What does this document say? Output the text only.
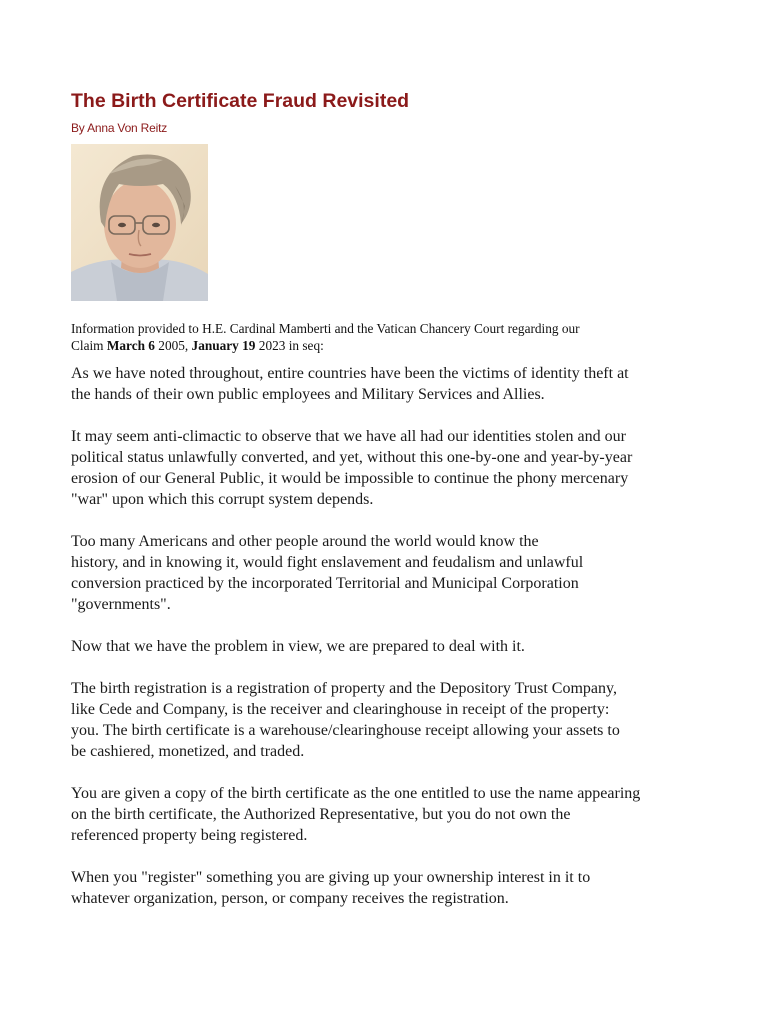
The Birth Certificate Fraud Revisited
By Anna Von Reitz
Information provided to H.E. Cardinal Mamberti and the Vatican Chancery Court regarding our
Claim March 6 2005, January 19 2023 in seq:

As we have noted throughout, entire countries have been the victims of identity theft at
the hands of their own public employees and Military Services and Allies.

It may seem anti-climactic to observe that we have all had our identities stolen and our
political status unlawfully converted, and yet, without this one-by-one and year-by-year
erosion of our General Public, it would be impossible to continue the phony mercenary
"war" upon which this corrupt system depends.

Too many Americans and other people around the world would know the
history, and in knowing it, would fight enslavement and feudalism and unlawful
conversion practiced by the incorporated Territorial and Municipal Corporation
"governments".

Now that we have the problem in view, we are prepared to deal with it.

The birth registration is a registration of property and the Depository Trust Company,
like Cede and Company, is the receiver and clearinghouse in receipt of the property:
you. The birth certificate is a warehouse/clearinghouse receipt allowing your assets to
be cashiered, monetized, and traded.

You are given a copy of the birth certificate as the one entitled to use the name appearing
on the birth certificate, the Authorized Representative, but you do not own the
referenced property being registered.

When you "register" something you are giving up your ownership interest in it to
whatever organization, person, or company receives the registration.
